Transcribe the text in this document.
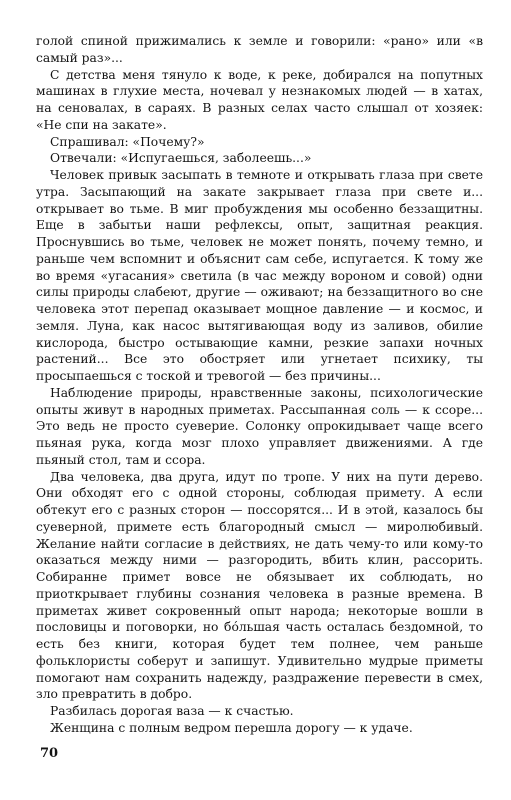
голой спиной прижимались к земле и говорили: «рано» или «в самый раз»...

С детства меня тянуло к воде, к реке, добирался на попутных машинах в глухие места, ночевал у незнакомых людей — в хатах, на сеновалах, в сараях. В разных селах часто слышал от хозяек: «Не спи на закате».

Спрашивал: «Почему?»

Отвечали: «Испугаешься, заболеешь...»

Человек привык засыпать в темноте и открывать глаза при свете утра. Засыпающий на закате закрывает глаза при свете и... открывает во тьме. В миг пробуждения мы особенно беззащитны. Еще в забытьи наши рефлексы, опыт, защитная реакция. Проснувшись во тьме, человек не может понять, почему темно, и раньше чем вспомнит и объяснит сам себе, испугается. К тому же во время «угасания» светила (в час между вороном и совой) одни силы природы слабеют, другие — оживают; на беззащитного во сне человека этот перепад оказывает мощное давление — и космос, и земля. Луна, как насос вытягивающая воду из заливов, обилие кислорода, быстро остывающие камни, резкие запахи ночных растений... Все это обостряет или угнетает психику, ты просыпаешься с тоской и тревогой — без причины...

Наблюдение природы, нравственные законы, психологические опыты живут в народных приметах. Рассыпанная соль — к ссоре... Это ведь не просто суеверие. Солонку опрокидывает чаще всего пьяная рука, когда мозг плохо управляет движениями. А где пьяный стол, там и ссора.

Два человека, два друга, идут по тропе. У них на пути дерево. Они обходят его с одной стороны, соблюдая примету. А если обтекут его с разных сторон — поссорятся... И в этой, казалось бы суеверной, примете есть благородный смысл — миролюбивый. Желание найти согласие в действиях, не дать чему-то или кому-то оказаться между ними — разгородить, вбить клин, рассорить. Собиранне примет вовсе не обязывает их соблюдать, но приоткрывает глубины сознания человека в разные времена. В приметах живет сокровенный опыт народа; некоторые вошли в пословицы и поговорки, но бóльшая часть осталась бездомной, то есть без книги, которая будет тем полнее, чем раньше фольклористы соберут и запишут. Удивительно мудрые приметы помогают нам сохранить надежду, раздражение перевести в смех, зло превратить в добро.

Разбилась дорогая ваза — к счастью.

Женщина с полным ведром перешла дорогу — к удаче.

70
